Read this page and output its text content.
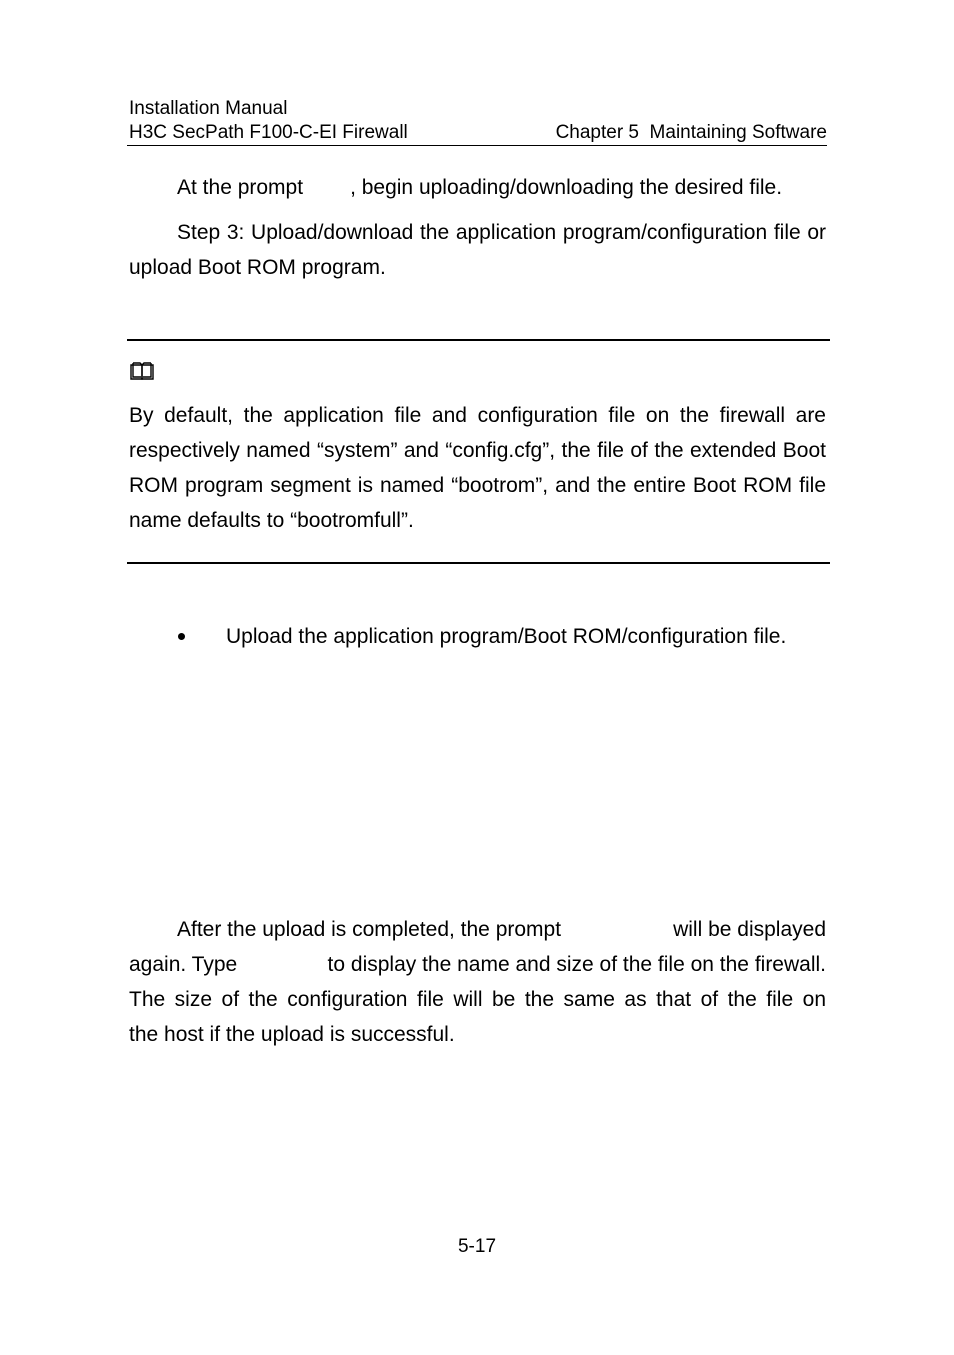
Installation Manual
H3C SecPath F100-C-EI Firewall	Chapter 5  Maintaining Software
At the prompt , begin uploading/downloading the desired file.
Step 3: Upload/download the application program/configuration file or upload Boot ROM program.
By default, the application file and configuration file on the firewall are respectively named “system” and “config.cfg”, the file of the extended Boot ROM program segment is named “bootrom”, and the entire Boot ROM file name defaults to “bootromfull”.
Upload the application program/Boot ROM/configuration file.
After the upload is completed, the prompt	will be displayed
again. Type	to display the name and size of the file on the firewall.
The size of the configuration file will be the same as that of the file on
the host if the upload is successful.
5-17
